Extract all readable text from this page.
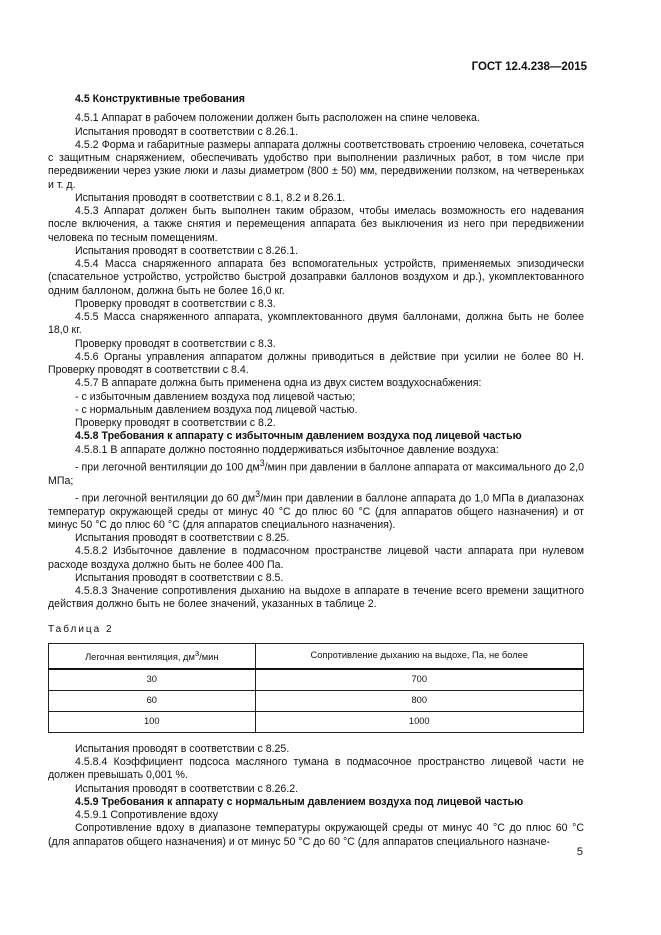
ГОСТ 12.4.238—2015

4.5 Конструктивные требования

4.5.1 Аппарат в рабочем положении должен быть расположен на спине человека.

Испытания проводят в соответствии с 8.26.1.

4.5.2 Форма и габаритные размеры аппарата должны соответствовать строению человека, сочетаться с защитным снаряжением, обеспечивать удобство при выполнении различных работ, в том числе при передвижении через узкие люки и лазы диаметром (800 ± 50) мм, передвижении ползком, на четвереньках и т. д.

Испытания проводят в соответствии с 8.1, 8.2 и 8.26.1.

4.5.3 Аппарат должен быть выполнен таким образом, чтобы имелась возможность его надевания после включения, а также снятия и перемещения аппарата без выключения из него при передвижении человека по тесным помещениям.

Испытания проводят в соответствии с 8.26.1.

4.5.4 Масса снаряженного аппарата без вспомогательных устройств, применяемых эпизодически (спасательное устройство, устройство быстрой дозаправки баллонов воздухом и др.), укомплектованного одним баллоном, должна быть не более 16,0 кг.

Проверку проводят в соответствии с 8.3.

4.5.5 Масса снаряженного аппарата, укомплектованного двумя баллонами, должна быть не более 18,0 кг.

Проверку проводят в соответствии с 8.3.

4.5.6 Органы управления аппаратом должны приводиться в действие при усилии не более 80 Н. Проверку проводят в соответствии с 8.4.

4.5.7 В аппарате должна быть применена одна из двух систем воздухоснабжения:

- с избыточным давлением воздуха под лицевой частью;

- с нормальным давлением воздуха под лицевой частью.

Проверку проводят в соответствии с 8.2.

4.5.8 Требования к аппарату с избыточным давлением воздуха под лицевой частью

4.5.8.1 В аппарате должно постоянно поддерживаться избыточное давление воздуха:

- при легочной вентиляции до 100 $дм^3$/мин при давлении в баллоне аппарата от максимального до 2,0 МПа;

- при легочной вентиляции до 60 $дм^3$/мин при давлении в баллоне аппарата до 1,0 МПа в диапазонах температур окружающей среды от минус 40 °C до плюс 60 °C (для аппаратов общего назначения) и от минус 50 °C до плюс 60 °C (для аппаратов специального назначения).

Испытания проводят в соответствии с 8.25.

4.5.8.2 Избыточное давление в подмасочном пространстве лицевой части аппарата при нулевом расходе воздуха должно быть не более 400 Па.

Испытания проводят в соответствии с 8.5.

4.5.8.3 Значение сопротивления дыханию на выдохе в аппарате в течение всего времени защитного действия должно быть не более значений, указанных в таблице 2.

Таблица 2

Легочная вентиляция, $дм^3$/мин	Сопротивление дыханию на выдохе, Па, не более
30	700
60	800
100	1000

Испытания проводят в соответствии с 8.25.

4.5.8.4 Коэффициент подсоса масляного тумана в подмасочное пространство лицевой части не должен превышать 0,001 %.

Испытания проводят в соответствии с 8.26.2.

4.5.9 Требования к аппарату с нормальным давлением воздуха под лицевой частью

4.5.9.1 Сопротивление вдоху

Сопротивление вдоху в диапазоне температуры окружающей среды от минус 40 °C до плюс 60 °C (для аппаратов общего назначения) и от минус 50 °C до 60 °C (для аппаратов специального назначе-

5
